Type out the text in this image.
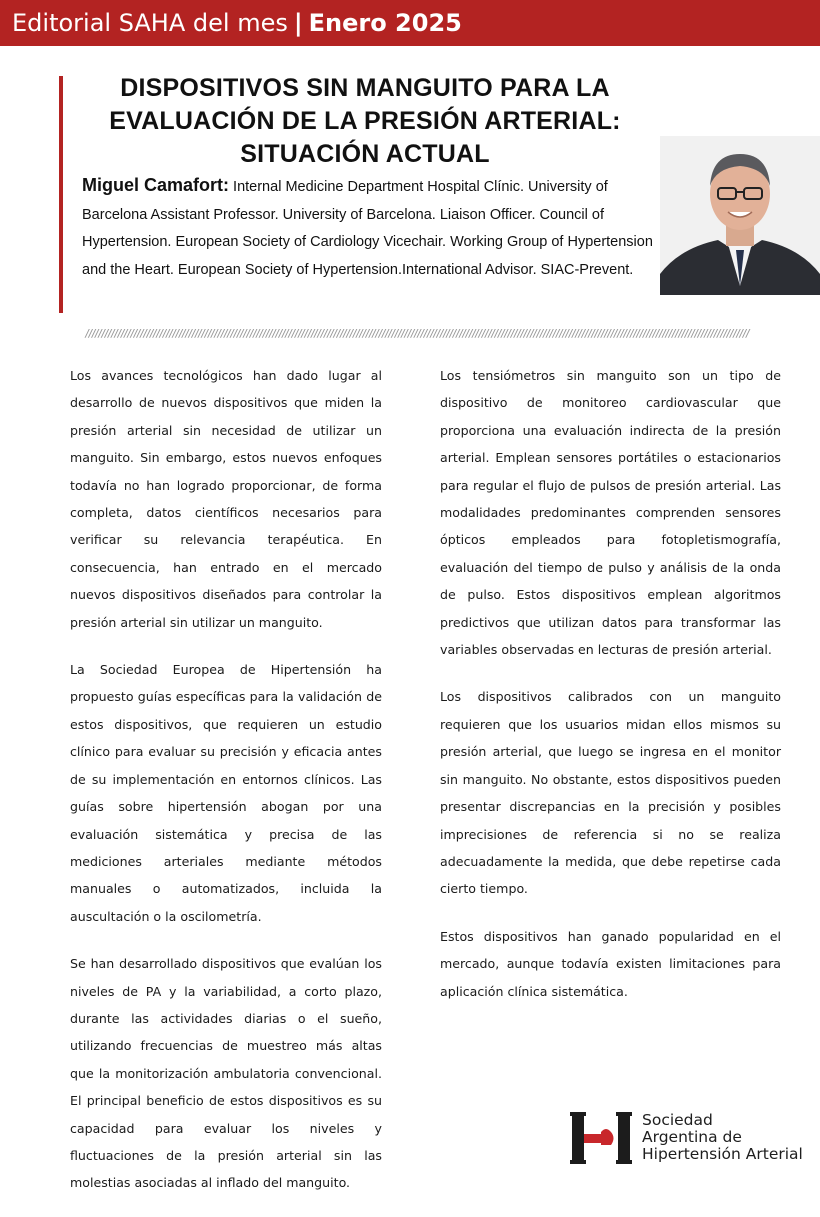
Editorial SAHA del mes | Enero 2025
DISPOSITIVOS SIN MANGUITO PARA LA EVALUACIÓN DE LA PRESIÓN ARTERIAL: SITUACIÓN ACTUAL

Miguel Camafort: Internal Medicine Department Hospital Clínic. University of Barcelona Assistant Professor. University of Barcelona. Liaison Officer. Council of Hypertension. European Society of Cardiology Vicechair. Working Group of Hypertension and the Heart. European Society of Hypertension.International Advisor. SIAC-Prevent.

//////////////////////////////////////////////////////////////////////////////////////////////////////////////////////////////////////////////////////////////////////////////////////////////////////////////

Los avances tecnológicos han dado lugar al desarrollo de nuevos dispositivos que miden la presión arterial sin necesidad de utilizar un manguito. Sin embargo, estos nuevos enfoques todavía no han logrado proporcionar, de forma completa, datos científicos necesarios para verificar su relevancia terapéutica. En consecuencia, han entrado en el mercado nuevos dispositivos diseñados para controlar la presión arterial sin utilizar un manguito.

La Sociedad Europea de Hipertensión ha propuesto guías específicas para la validación de estos dispositivos, que requieren un estudio clínico para evaluar su precisión y eficacia antes de su implementación en entornos clínicos. Las guías sobre hipertensión abogan por una evaluación sistemática y precisa de las mediciones arteriales mediante métodos manuales o automatizados, incluida la auscultación o la oscilometría.

Se han desarrollado dispositivos que evalúan los niveles de PA y la variabilidad, a corto plazo, durante las actividades diarias o el sueño, utilizando frecuencias de muestreo más altas que la monitorización ambulatoria convencional. El principal beneficio de estos dispositivos es su capacidad para evaluar los niveles y fluctuaciones de la presión arterial sin las molestias asociadas al inflado del manguito.

Los tensiómetros sin manguito son un tipo de dispositivo de monitoreo cardiovascular que proporciona una evaluación indirecta de la presión arterial. Emplean sensores portátiles o estacionarios para regular el flujo de pulsos de presión arterial. Las modalidades predominantes comprenden sensores ópticos empleados para fotopletismografía, evaluación del tiempo de pulso y análisis de la onda de pulso. Estos dispositivos emplean algoritmos predictivos que utilizan datos para transformar las variables observadas en lecturas de presión arterial.

Los dispositivos calibrados con un manguito requieren que los usuarios midan ellos mismos su presión arterial, que luego se ingresa en el monitor sin manguito. No obstante, estos dispositivos pueden presentar discrepancias en la precisión y posibles imprecisiones de referencia si no se realiza adecuadamente la medida, que debe repetirse cada cierto tiempo.

Estos dispositivos han ganado popularidad en el mercado, aunque todavía existen limitaciones para aplicación clínica sistemática.

Sociedad
Argentina de
Hipertensión Arterial
